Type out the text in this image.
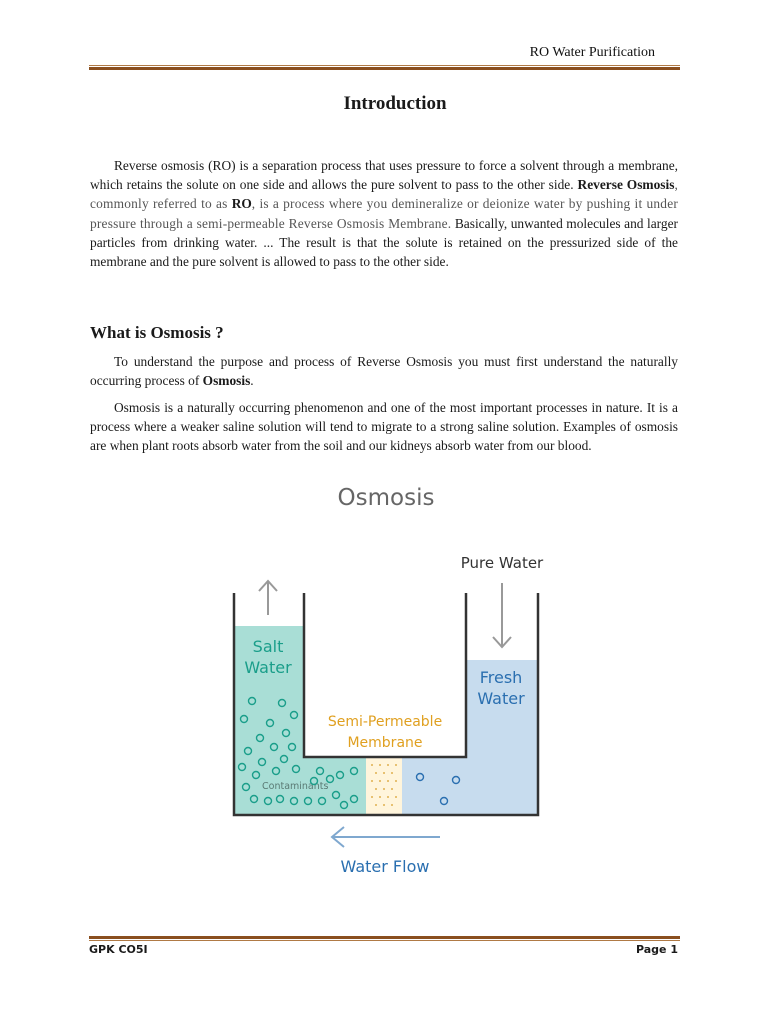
RO Water Purification
Introduction

Reverse osmosis (RO) is a separation process that uses pressure to force a solvent through a membrane, which retains the solute on one side and allows the pure solvent to pass to the other side. Reverse Osmosis, commonly referred to as RO, is a process where you demineralize or deionize water by pushing it under pressure through a semi-permeable Reverse Osmosis Membrane. Basically, unwanted molecules and larger particles from drinking water. ... The result is that the solute is retained on the pressurized side of the membrane and the pure solvent is allowed to pass to the other side.

What is Osmosis ?

To understand the purpose and process of Reverse Osmosis you must first understand the naturally occurring process of Osmosis.

Osmosis is a naturally occurring phenomenon and one of the most important processes in nature. It is a process where a weaker saline solution will tend to migrate to a strong saline solution. Examples of osmosis are when plant roots absorb water from the soil and our kidneys absorb water from our blood.

Osmosis
Pure Water
Salt
Water
Fresh
Water
Semi-Permeable
Membrane
Contaminants
Water Flow
GPK CO5I	Page 1
